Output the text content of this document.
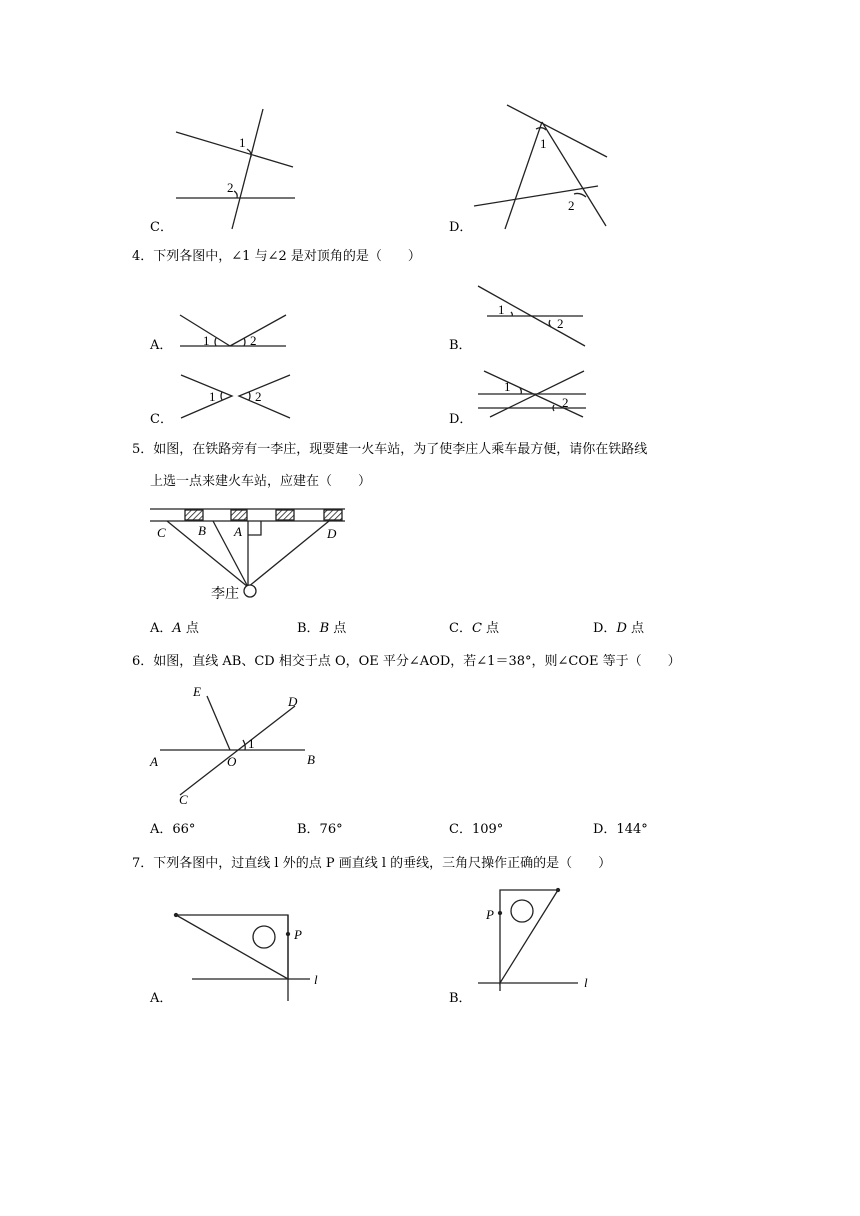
1
2
C．
1
2
D．
4．下列各图中，∠1 与∠2 是对顶角的是（　　）
1	2
A．
1
2
B．
1	2
C．
1
2
D．
5．如图，在铁路旁有一李庄，现要建一火车站，为了使李庄人乘车最方便，请你在铁路线
上选一点来建火车站，应建在（　　）
C B A	D
李庄
A．A 点	B．B 点	C．C 点	D．D 点
6．如图，直线 AB、CD 相交于点 O，OE 平分∠AOD，若∠1＝38°，则∠COE 等于（　　）
E
D
A	O	B
C
1
A．66°	B．76°	C．109°	D．144°
7．下列各图中，过直线 l 外的点 P 画直线 l 的垂线，三角尺操作正确的是（　　）
P
l
A．
P
l
B．
